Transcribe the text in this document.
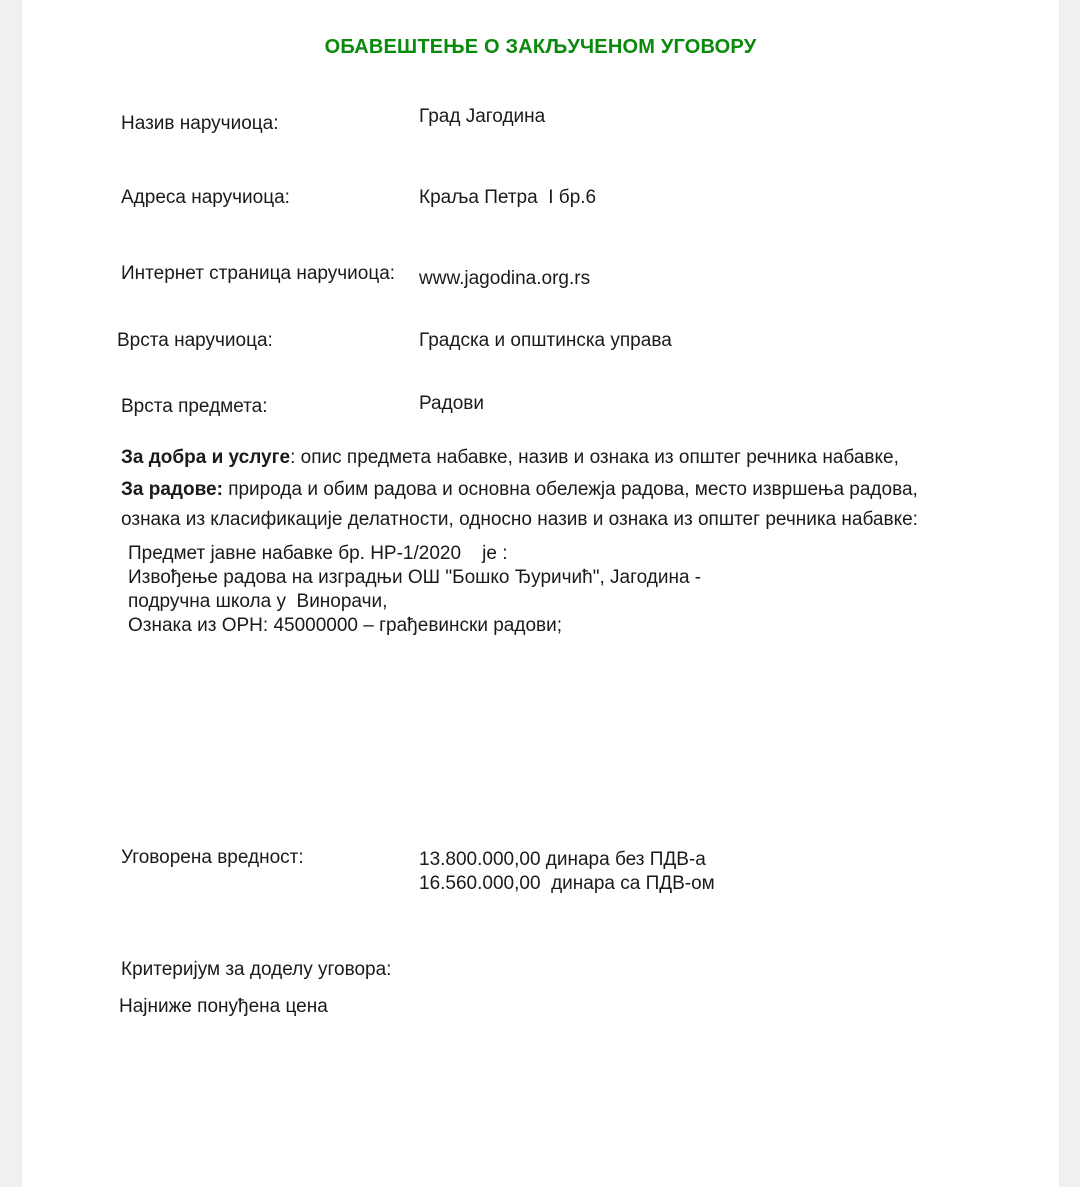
ОБАВЕШТЕЊЕ О ЗАКЉУЧЕНОМ УГОВОРУ
Назив наручиоца:	Град Јагодина
Адреса наручиоца:	Краља Петра  I бр.6
Интернет страница наручиоца: www.jagodina.org.rs
Врста наручиоца:	Градска и општинска управа
Врста предмета:	Радови
За добра и услуге: опис предмета набавке, назив и ознака из општег речника набавке,
За радове: природа и обим радова и основна обележја радова, место извршења радова,
ознака из класификације делатности, односно назив и ознака из општег речника набавке:
Предмет јавне набавке бр. НР-1/2020    је :
Извођење радова на изградњи ОШ "Бошко Ђуричић", Јагодина -
подручна школа у  Винорачи,
Ознака из ОРН: 45000000 – грађевински радови;
Уговорена вредност:	13.800.000,00 динара без ПДВ-а
16.560.000,00  динара са ПДВ-ом
Критеријум за доделу уговора:
Најниже понуђена цена
